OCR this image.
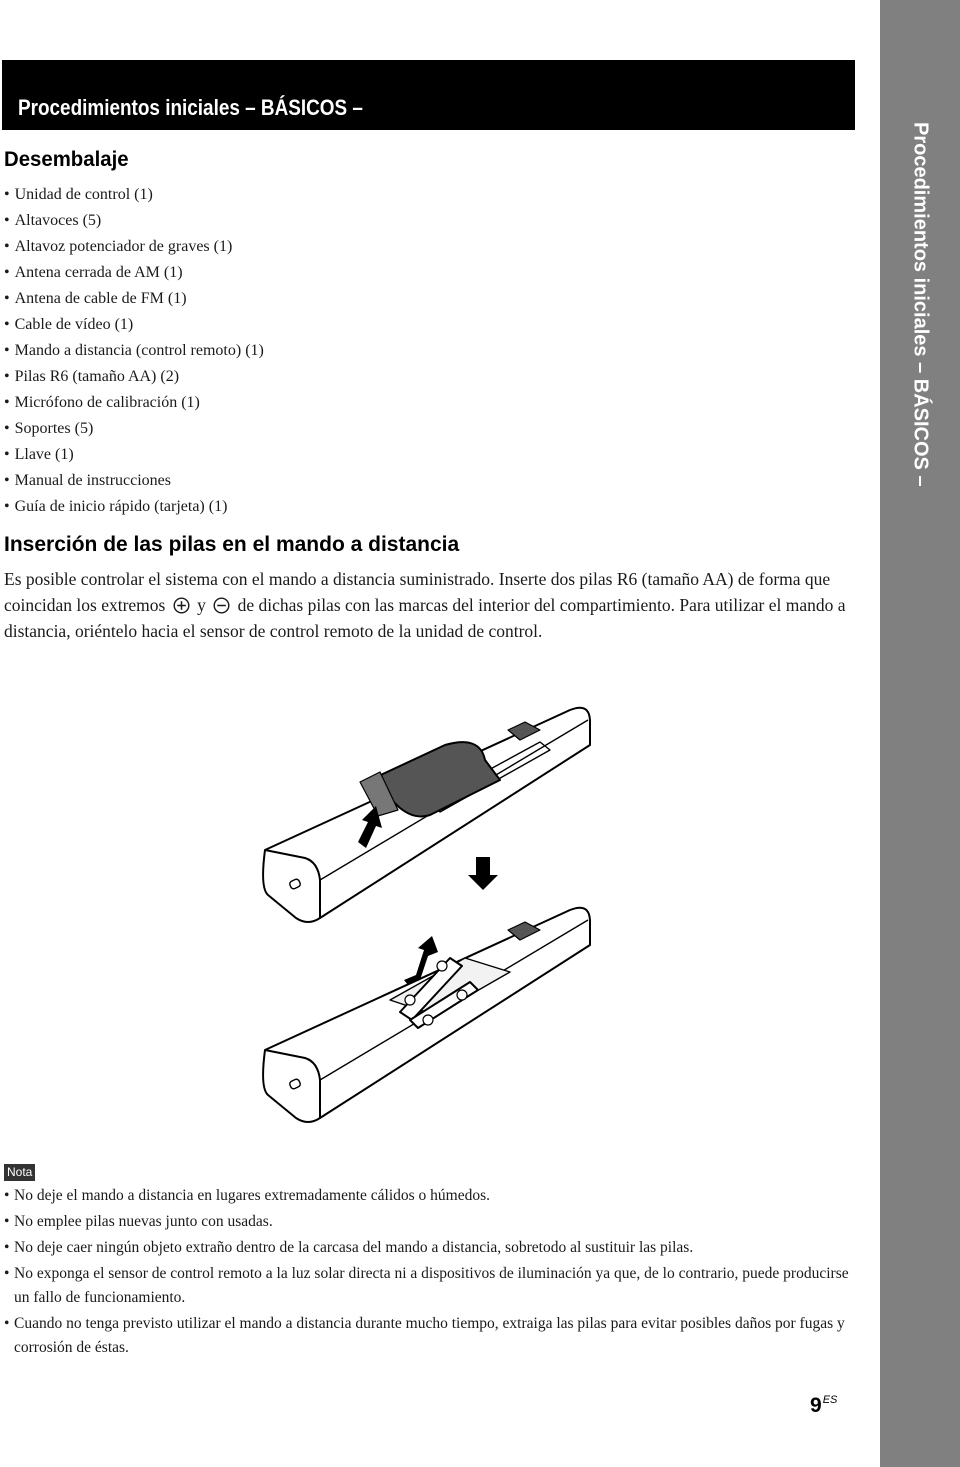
Procedimientos iniciales – BÁSICOS –
Procedimientos iniciales – BÁSICOS –
Desembalaje
• Unidad de control (1)
• Altavoces (5)
• Altavoz potenciador de graves (1)
• Antena cerrada de AM (1)
• Antena de cable de FM (1)
• Cable de vídeo (1)
• Mando a distancia (control remoto) (1)
• Pilas R6 (tamaño AA) (2)
• Micrófono de calibración (1)
• Soportes (5)
• Llave (1)
• Manual de instrucciones
• Guía de inicio rápido (tarjeta) (1)
Inserción de las pilas en el mando a distancia

Es posible controlar el sistema con el mando a distancia suministrado. Inserte dos pilas R6 (tamaño AA) de forma que coincidan los extremos y de dichas pilas con las marcas del interior del compartimiento. Para utilizar el mando a distancia, oriéntelo hacia el sensor de control remoto de la unidad de control.

Nota
• No deje el mando a distancia en lugares extremadamente cálidos o húmedos.
• No emplee pilas nuevas junto con usadas.
• No deje caer ningún objeto extraño dentro de la carcasa del mando a distancia, sobretodo al sustituir las pilas.
• No exponga el sensor de control remoto a la luz solar directa ni a dispositivos de iluminación ya que, de lo contrario, puede producirse un fallo de funcionamiento.
• Cuando no tenga previsto utilizar el mando a distancia durante mucho tiempo, extraiga las pilas para evitar posibles daños por fugas y corrosión de éstas.
$9^{ES}$
